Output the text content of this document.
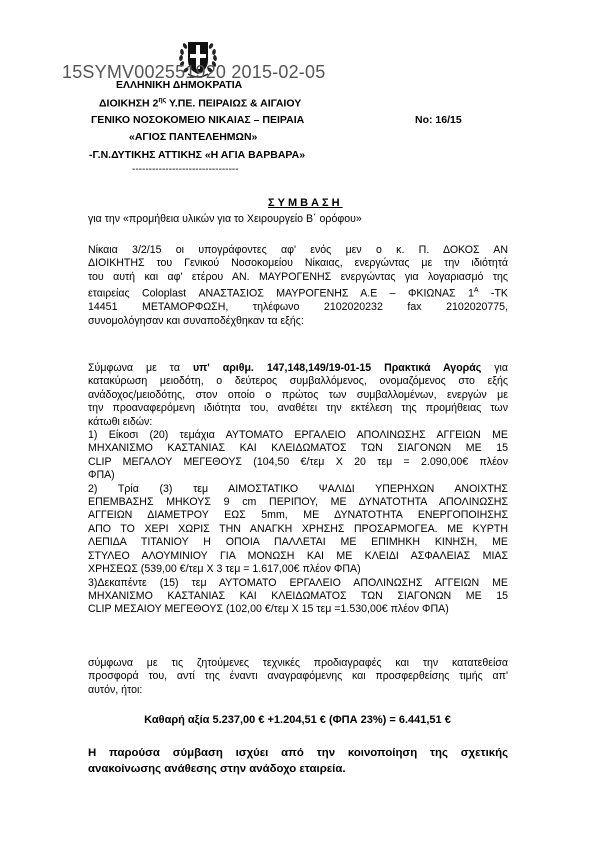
15SYMV002551920 2015-02-05
ΕΛΛΗΝΙΚΗ ΔΗΜΟΚΡΑΤΙΑ
ΔΙΟΙΚΗΣΗ $2^{\eta\varsigma}$ Υ.ΠΕ. ΠΕΙΡΑΙΩΣ & ΑΙΓΑΙΟΥ
ΓΕΝΙΚΟ ΝΟΣΟΚΟΜΕΙΟ ΝΙΚΑΙΑΣ – ΠΕΙΡΑΙΑ	Νο: 16/15
«ΑΓΙΟΣ ΠΑΝΤΕΛΕΗΜΩΝ»
-Γ.Ν.ΔΥΤΙΚΗΣ ΑΤΤΙΚΗΣ «Η ΑΓΙΑ ΒΑΡΒΑΡΑ»
--------------------------------
ΣΥΜΒΑΣΗ
για την «προμήθεια υλικών για το Χειρουργείο Β΄ ορόφου»
Νίκαια 3/2/15 οι υπογράφοντες αφ' ενός μεν ο κ. Π. ΔΟΚΟΣ ΑΝ
ΔΙΟΙΚΗΤΗΣ του Γενικού Νοσοκομείου Νίκαιας, ενεργώντας με την ιδιότητά
του αυτή και αφ' ετέρου ΑΝ. ΜΑΥΡΟΓΕΝΗΣ ενεργώντας για λογαριασμό της
εταιρείας Coloplast ΑΝΑΣΤΑΣΙΟΣ ΜΑΥΡΟΓΕΝΗΣ Α.Ε – ΦΚΙΩΝΑΣ $1^A$ -ΤΚ
14451 ΜΕΤΑΜΟΡΦΩΣΗ, τηλέφωνο 2102020232 fax 2102020775,
συνομολόγησαν και συναποδέχθηκαν τα εξής:
Σύμφωνα με τα υπ' αριθμ. 147,148,149/19-01-15 Πρακτικά Αγοράς για
κατακύρωση μειοδότη, ο δεύτερος συμβαλλόμενος, ονομαζόμενος στο εξής
ανάδοχος/μειοδότης, στον οποίο ο πρώτος των συμβαλλομένων, ενεργών με
την προαναφερόμενη ιδιότητα του, αναθέτει την εκτέλεση της προμήθειας των
κάτωθι ειδών:
1) Είκοσι (20) τεμάχια ΑΥΤΟΜΑΤΟ ΕΡΓΑΛΕΙΟ ΑΠΟΛΙΝΩΣΗΣ ΑΓΓΕΙΩΝ ΜΕ
ΜΗΧΑΝΙΣΜΟ ΚΑΣΤΑΝΙΑΣ ΚΑΙ ΚΛΕΙΔΩΜΑΤΟΣ ΤΩΝ ΣΙΑΓΟΝΩΝ ΜΕ 15
CLIP ΜΕΓΑΛΟΥ ΜΕΓΕΘΟΥΣ (104,50 €/τεμ Χ 20 τεμ = 2.090,00€ πλέον
ΦΠΑ)
2) Τρία (3) τεμ ΑΙΜΟΣΤΑΤΙΚΟ ΨΑΛΙΔΙ ΥΠΕΡΗΧΩΝ ΑΝΟΙΧΤΗΣ
ΕΠΕΜΒΑΣΗΣ ΜΗΚΟΥΣ 9 cm ΠΕΡΙΠΟΥ, ΜΕ ΔΥΝΑΤΟΤΗΤΑ ΑΠΟΛΙΝΩΣΗΣ
ΑΓΓΕΙΩΝ ΔΙΑΜΕΤΡΟΥ ΕΩΣ 5mm, ΜΕ ΔΥΝΑΤΟΤΗΤΑ ΕΝΕΡΓΟΠΟΙΗΣΗΣ
ΑΠΟ ΤΟ ΧΕΡΙ ΧΩΡΙΣ ΤΗΝ ΑΝΑΓΚΗ ΧΡΗΣΗΣ ΠΡΟΣΑΡΜΟΓΕΑ. ΜΕ ΚΥΡΤΗ
ΛΕΠΙΔΑ ΤΙΤΑΝΙΟΥ Η ΟΠΟΙΑ ΠΑΛΛΕΤΑΙ ΜΕ ΕΠΙΜΗΚΗ ΚΙΝΗΣΗ, ΜΕ
ΣΤΥΛΕΟ ΑΛΟΥΜΙΝΙΟΥ ΓΙΑ ΜΟΝΩΣΗ ΚΑΙ ΜΕ ΚΛΕΙΔΙ ΑΣΦΑΛΕΙΑΣ ΜΙΑΣ
ΧΡΗΣΕΩΣ (539,00 €/τεμ Χ 3 τεμ = 1.617,00€ πλέον ΦΠΑ)
3)Δεκαπέντε (15) τεμ ΑΥΤΟΜΑΤΟ ΕΡΓΑΛΕΙΟ ΑΠΟΛΙΝΩΣΗΣ ΑΓΓΕΙΩΝ ΜΕ
ΜΗΧΑΝΙΣΜΟ ΚΑΣΤΑΝΙΑΣ ΚΑΙ ΚΛΕΙΔΩΜΑΤΟΣ ΤΩΝ ΣΙΑΓΟΝΩΝ ΜΕ 15
CLIP ΜΕΣΑΙΟΥ ΜΕΓΕΘΟΥΣ (102,00 €/τεμ Χ 15 τεμ =1.530,00€ πλέον ΦΠΑ)
σύμφωνα με τις ζητούμενες τεχνικές προδιαγραφές και την κατατεθείσα
προσφορά του, αντί της έναντι αναγραφόμενης και προσφερθείσης τιμής απ'
αυτόν, ήτοι:
Καθαρή αξία 5.237,00 € +1.204,51 € (ΦΠΑ 23%) = 6.441,51 €
Η παρούσα σύμβαση ισχύει από την κοινοποίηση της σχετικής
ανακοίνωσης ανάθεσης στην ανάδοχο εταιρεία.
